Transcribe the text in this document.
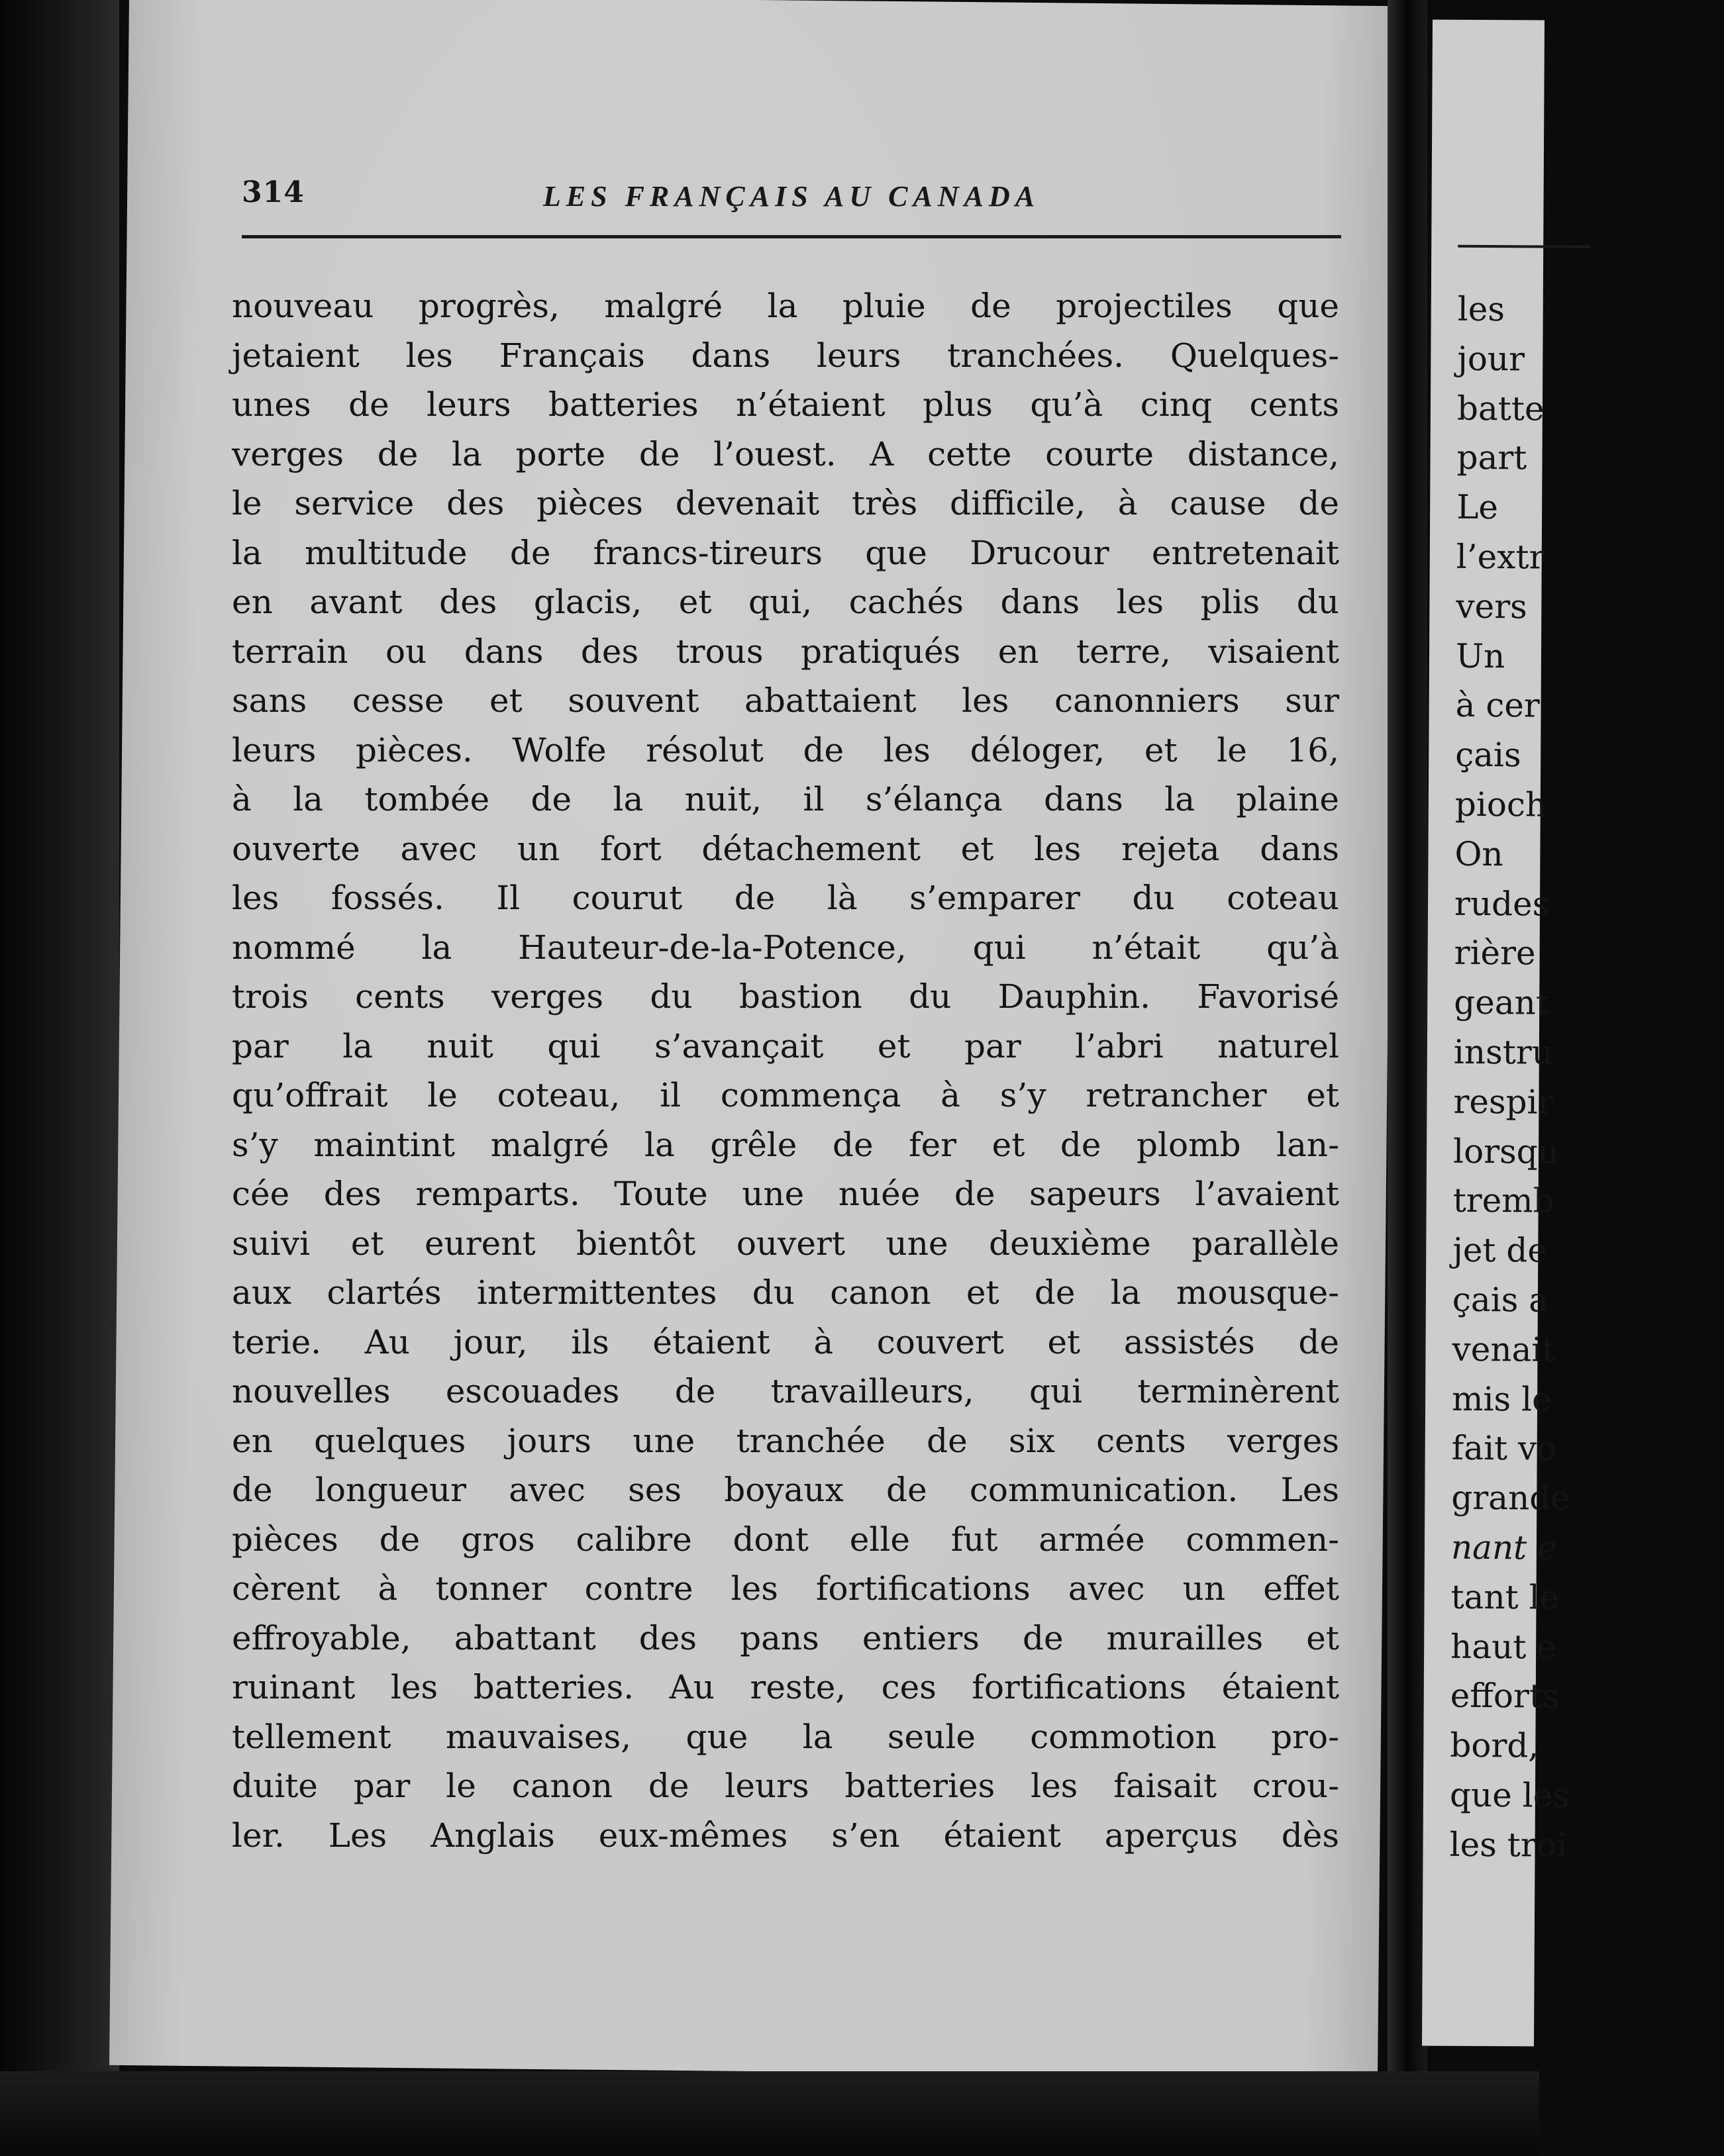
314	LES FRANÇAIS AU CANADA
nouveau progrès, malgré la pluie de projectiles que
jetaient les Français dans leurs tranchées. Quelques-
unes de leurs batteries n’étaient plus qu’à cinq cents
verges de la porte de l’ouest. A cette courte distance,
le service des pièces devenait très difficile, à cause de
la multitude de francs-tireurs que Drucour entretenait
en avant des glacis, et qui, cachés dans les plis du
terrain ou dans des trous pratiqués en terre, visaient
sans cesse et souvent abattaient les canonniers sur
leurs pièces. Wolfe résolut de les déloger, et le 16,
à la tombée de la nuit, il s’élança dans la plaine
ouverte avec un fort détachement et les rejeta dans
les fossés. Il courut de là s’emparer du coteau
nommé la Hauteur-de-la-Potence, qui n’était qu’à
trois cents verges du bastion du Dauphin. Favorisé
par la nuit qui s’avançait et par l’abri naturel
qu’offrait le coteau, il commença à s’y retrancher et
s’y maintint malgré la grêle de fer et de plomb lan-
cée des remparts. Toute une nuée de sapeurs l’avaient
suivi et eurent bientôt ouvert une deuxième parallèle
aux clartés intermittentes du canon et de la mousque-
terie. Au jour, ils étaient à couvert et assistés de
nouvelles escouades de travailleurs, qui terminèrent
en quelques jours une tranchée de six cents verges
de longueur avec ses boyaux de communication. Les
pièces de gros calibre dont elle fut armée commen-
cèrent à tonner contre les fortifications avec un effet
effroyable, abattant des pans entiers de murailles et
ruinant les batteries. Au reste, ces fortifications étaient
tellement mauvaises, que la seule commotion pro-
duite par le canon de leurs batteries les faisait crou-
ler. Les Anglais eux-mêmes s’en étaient aperçus dès
les
jour
batte
part
Le
l’extr
vers
Un
à cer
çais
pioch
On
rudes
rière
geant
instru
respir
lorsqu
tremb
jet de
çais a
venait
mis le
fait vo
grande
nant e
tant le
haut e
efforts
bord,
que les
les troi
